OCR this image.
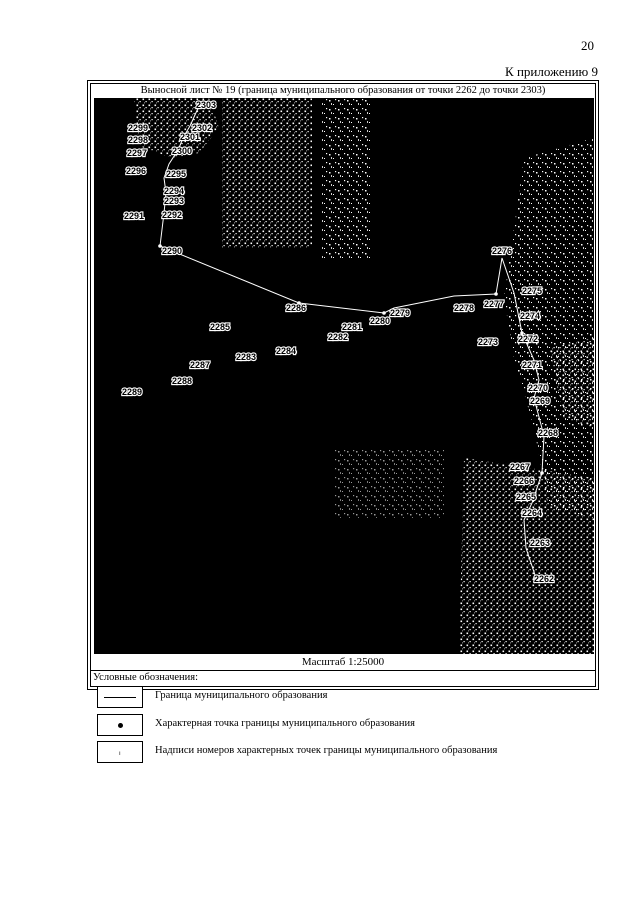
20
К приложению 9
Выносной лист № 19 (граница муниципального образования от точки 2262 до точки 2303)
2303
2299	2302
2298	2301
2297	2300
2296 2295
2294
2293
2291 2292
2290	2276
2275
2286	2278 2277
2279	2274
2281
2280
2285
2282	2273 2272
2284
2283
2271
2287
2288
2270
2289
2269
2268
2267
2266
2265
2264
2263
2262
Масштаб 1:25000
Условные обозначения:
Граница муниципального образования
Характерная точка границы муниципального образования
ı	Надписи номеров характерных точек границы муниципального образования
